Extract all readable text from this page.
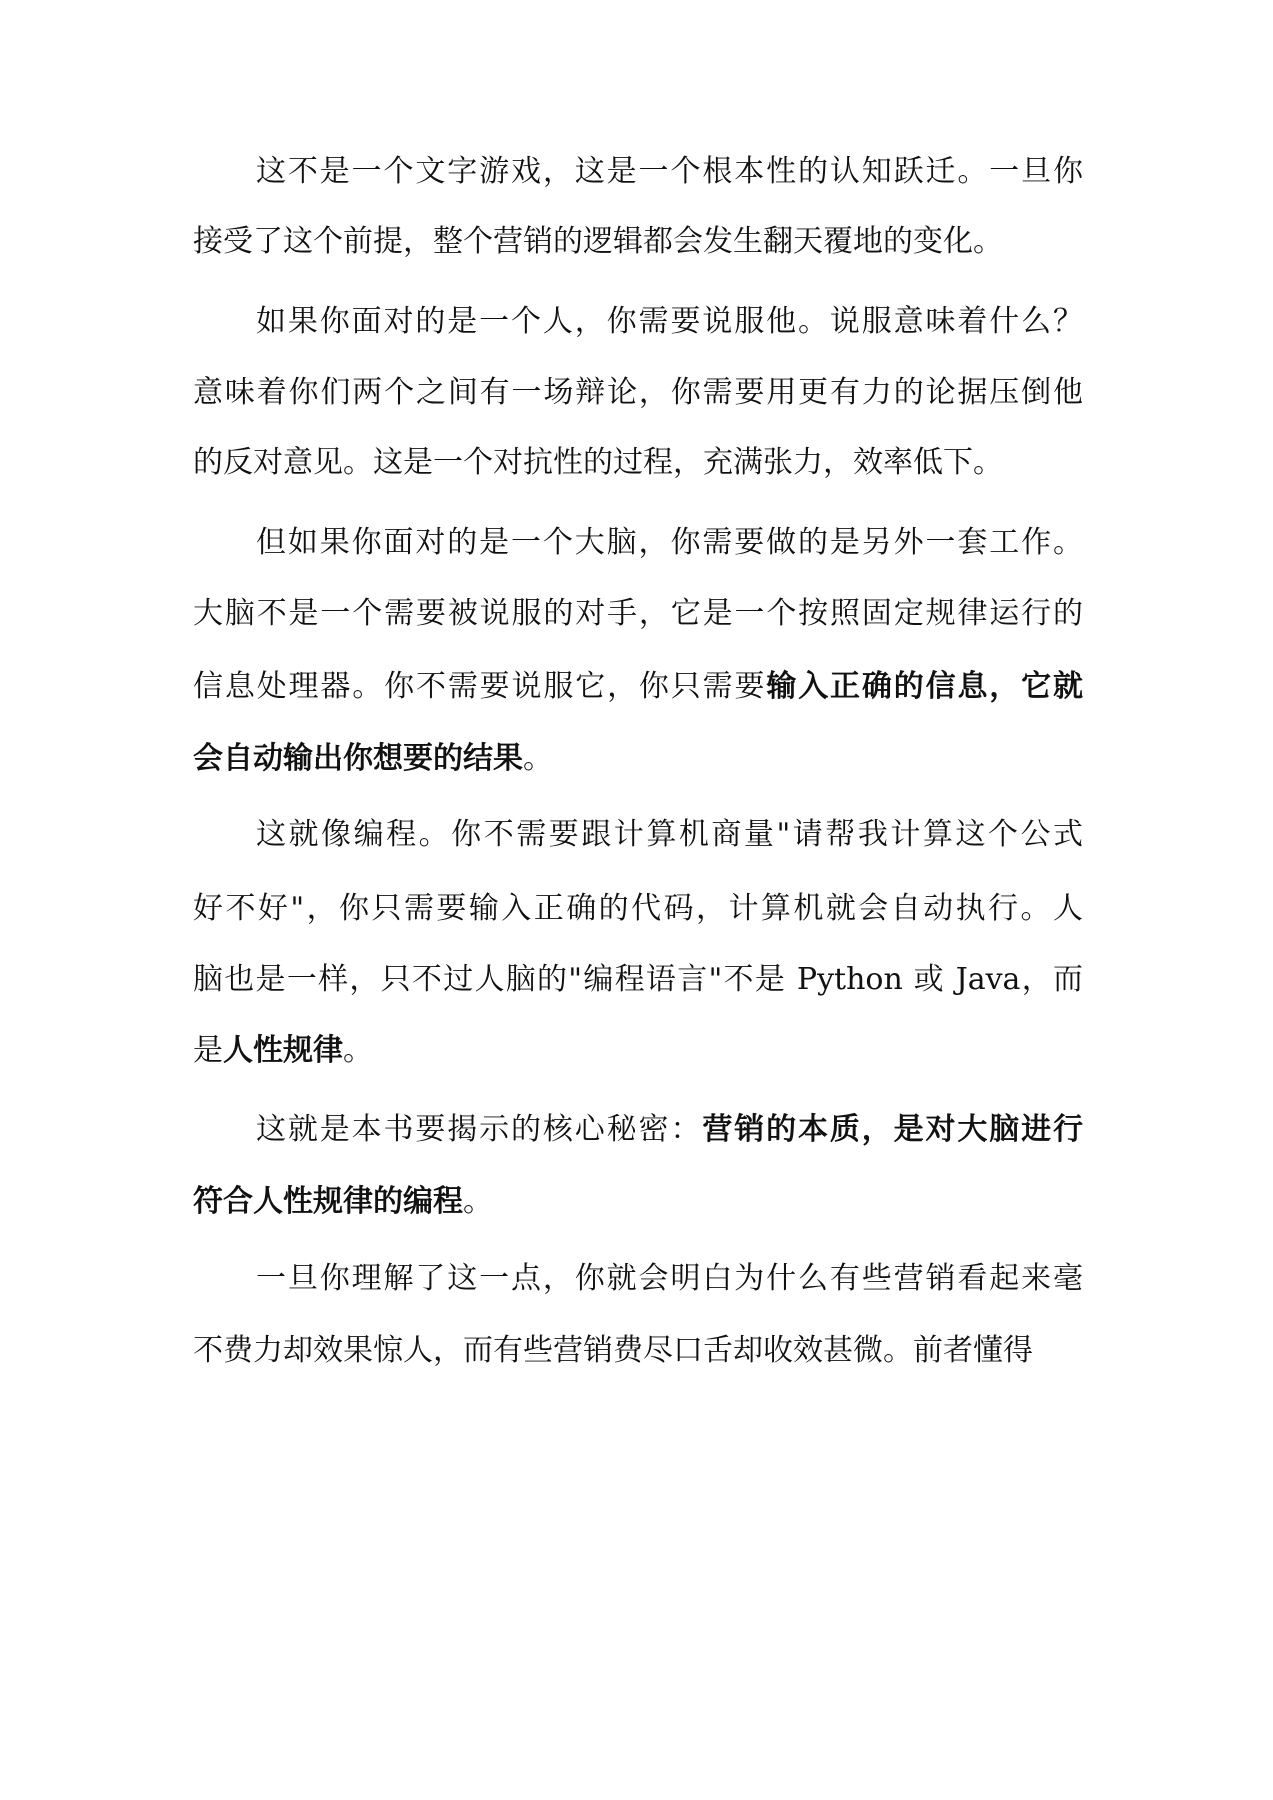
这不是一个文字游戏，这是一个根本性的认知跃迁。一旦你
接受了这个前提，整个营销的逻辑都会发生翻天覆地的变化。
如果你面对的是一个人，你需要说服他。说服意味着什么？
意味着你们两个之间有一场辩论，你需要用更有力的论据压倒他
的反对意见。这是一个对抗性的过程，充满张力，效率低下。
但如果你面对的是一个大脑，你需要做的是另外一套工作。
大脑不是一个需要被说服的对手，它是一个按照固定规律运行的
信息处理器。你不需要说服它，你只需要输入正确的信息，它就
会自动输出你想要的结果。
这就像编程。你不需要跟计算机商量"请帮我计算这个公式
好不好"，你只需要输入正确的代码，计算机就会自动执行。人
脑也是一样，只不过人脑的"编程语言"不是 Python 或 Java，而
是人性规律。
这就是本书要揭示的核心秘密：营销的本质，是对大脑进行
符合人性规律的编程。
一旦你理解了这一点，你就会明白为什么有些营销看起来毫
不费力却效果惊人，而有些营销费尽口舌却收效甚微。前者懂得
